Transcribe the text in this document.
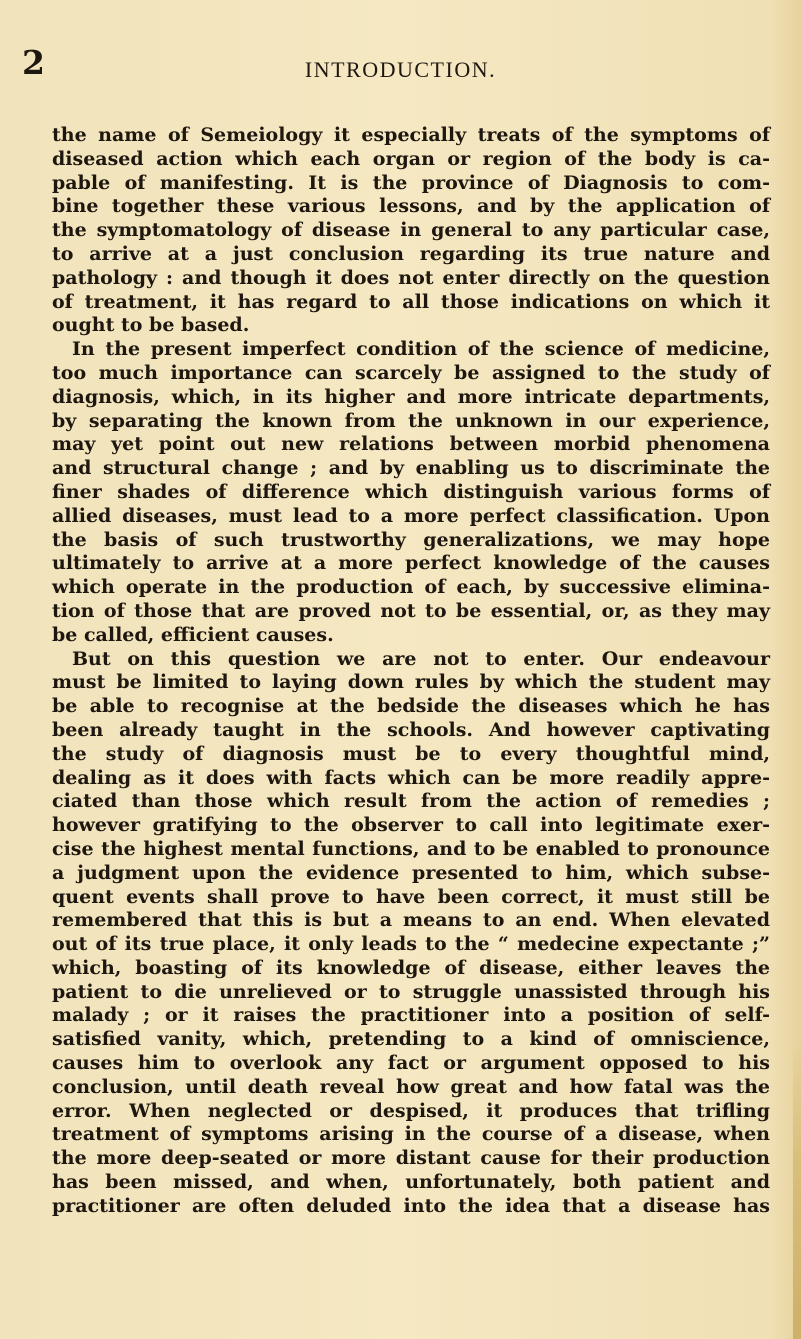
2	INTRODUCTION.
the name of Semeiology it especially treats of the symptoms of
diseased action which each organ or region of the body is ca-
pable of manifesting. It is the province of Diagnosis to com-
bine together these various lessons, and by the application of
the symptomatology of disease in general to any particular case,
to arrive at a just conclusion regarding its true nature and
pathology : and though it does not enter directly on the question
of treatment, it has regard to all those indications on which it
ought to be based.
In the present imperfect condition of the science of medicine,
too much importance can scarcely be assigned to the study of
diagnosis, which, in its higher and more intricate departments,
by separating the known from the unknown in our experience,
may yet point out new relations between morbid phenomena
and structural change ; and by enabling us to discriminate the
finer shades of difference which distinguish various forms of
allied diseases, must lead to a more perfect classification. Upon
the basis of such trustworthy generalizations, we may hope
ultimately to arrive at a more perfect knowledge of the causes
which operate in the production of each, by successive elimina-
tion of those that are proved not to be essential, or, as they may
be called, efficient causes.
But on this question we are not to enter. Our endeavour
must be limited to laying down rules by which the student may
be able to recognise at the bedside the diseases which he has
been already taught in the schools. And however captivating
the study of diagnosis must be to every thoughtful mind,
dealing as it does with facts which can be more readily appre-
ciated than those which result from the action of remedies ;
however gratifying to the observer to call into legitimate exer-
cise the highest mental functions, and to be enabled to pronounce
a judgment upon the evidence presented to him, which subse-
quent events shall prove to have been correct, it must still be
remembered that this is but a means to an end. When elevated
out of its true place, it only leads to the “ medecine expectante ;”
which, boasting of its knowledge of disease, either leaves the
patient to die unrelieved or to struggle unassisted through his
malady ; or it raises the practitioner into a position of self-
satisfied vanity, which, pretending to a kind of omniscience,
causes him to overlook any fact or argument opposed to his
conclusion, until death reveal how great and how fatal was the
error. When neglected or despised, it produces that trifling
treatment of symptoms arising in the course of a disease, when
the more deep-seated or more distant cause for their production
has been missed, and when, unfortunately, both patient and
practitioner are often deluded into the idea that a disease has
